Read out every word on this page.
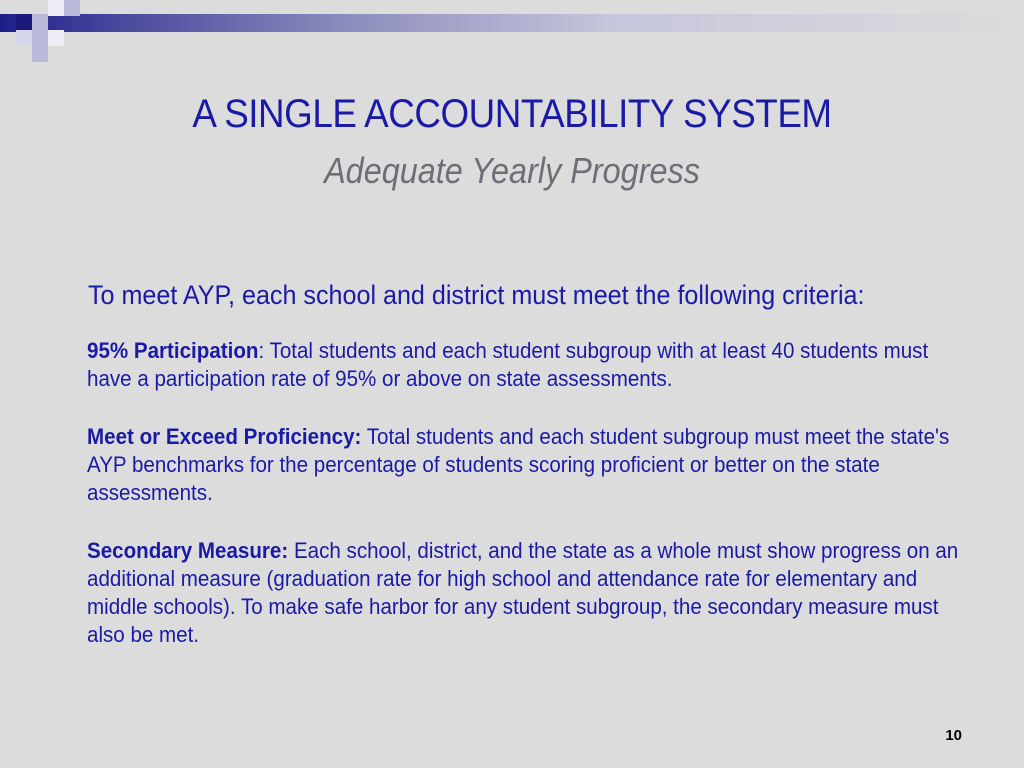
A SINGLE ACCOUNTABILITY SYSTEM
Adequate Yearly Progress
To meet AYP, each school and district must meet the following criteria:

95% Participation: Total students and each student subgroup with at least 40 students must have a participation rate of 95% or above on state assessments.

Meet or Exceed Proficiency: Total students and each student subgroup must meet the state's AYP benchmarks for the percentage of students scoring proficient or better on the state assessments.

Secondary Measure: Each school, district, and the state as a whole must show progress on an additional measure (graduation rate for high school and attendance rate for elementary and middle schools). To make safe harbor for any student subgroup, the secondary measure must also be met.

10
